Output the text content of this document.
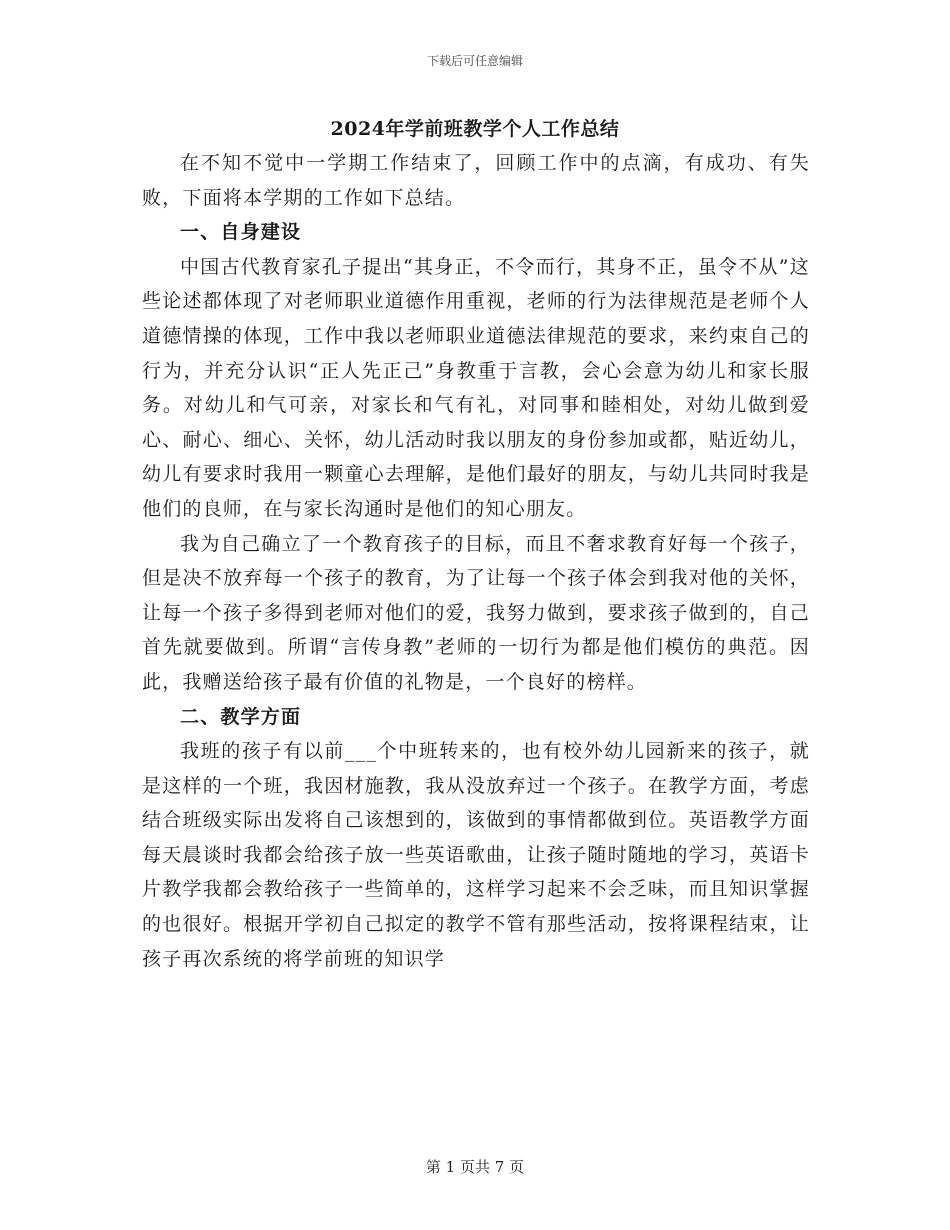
下载后可任意编辑
2024年学前班教学个人工作总结

在不知不觉中一学期工作结束了，回顾工作中的点滴，有成功、有失败，下面将本学期的工作如下总结。

一、自身建设

中国古代教育家孔子提出“其身正，不令而行，其身不正，虽令不从”这些论述都体现了对老师职业道德作用重视，老师的行为法律规范是老师个人道德情操的体现，工作中我以老师职业道德法律规范的要求，来约束自己的行为，并充分认识“正人先正己”身教重于言教，会心会意为幼儿和家长服务。对幼儿和气可亲，对家长和气有礼，对同事和睦相处，对幼儿做到爱心、耐心、细心、关怀，幼儿活动时我以朋友的身份参加或都，贴近幼儿，幼儿有要求时我用一颗童心去理解，是他们最好的朋友，与幼儿共同时我是他们的良师，在与家长沟通时是他们的知心朋友。

我为自己确立了一个教育孩子的目标，而且不奢求教育好每一个孩子，但是决不放弃每一个孩子的教育，为了让每一个孩子体会到我对他的关怀，让每一个孩子多得到老师对他们的爱，我努力做到，要求孩子做到的，自己首先就要做到。所谓“言传身教”老师的一切行为都是他们模仿的典范。因此，我赠送给孩子最有价值的礼物是，一个良好的榜样。

二、教学方面

我班的孩子有以前___个中班转来的，也有校外幼儿园新来的孩子，就是这样的一个班，我因材施教，我从没放弃过一个孩子。在教学方面，考虑结合班级实际出发将自己该想到的，该做到的事情都做到位。英语教学方面每天晨谈时我都会给孩子放一些英语歌曲，让孩子随时随地的学习，英语卡片教学我都会教给孩子一些简单的，这样学习起来不会乏味，而且知识掌握的也很好。根据开学初自己拟定的教学不管有那些活动，按将课程结束，让孩子再次系统的将学前班的知识学

第 1 页共 7 页
